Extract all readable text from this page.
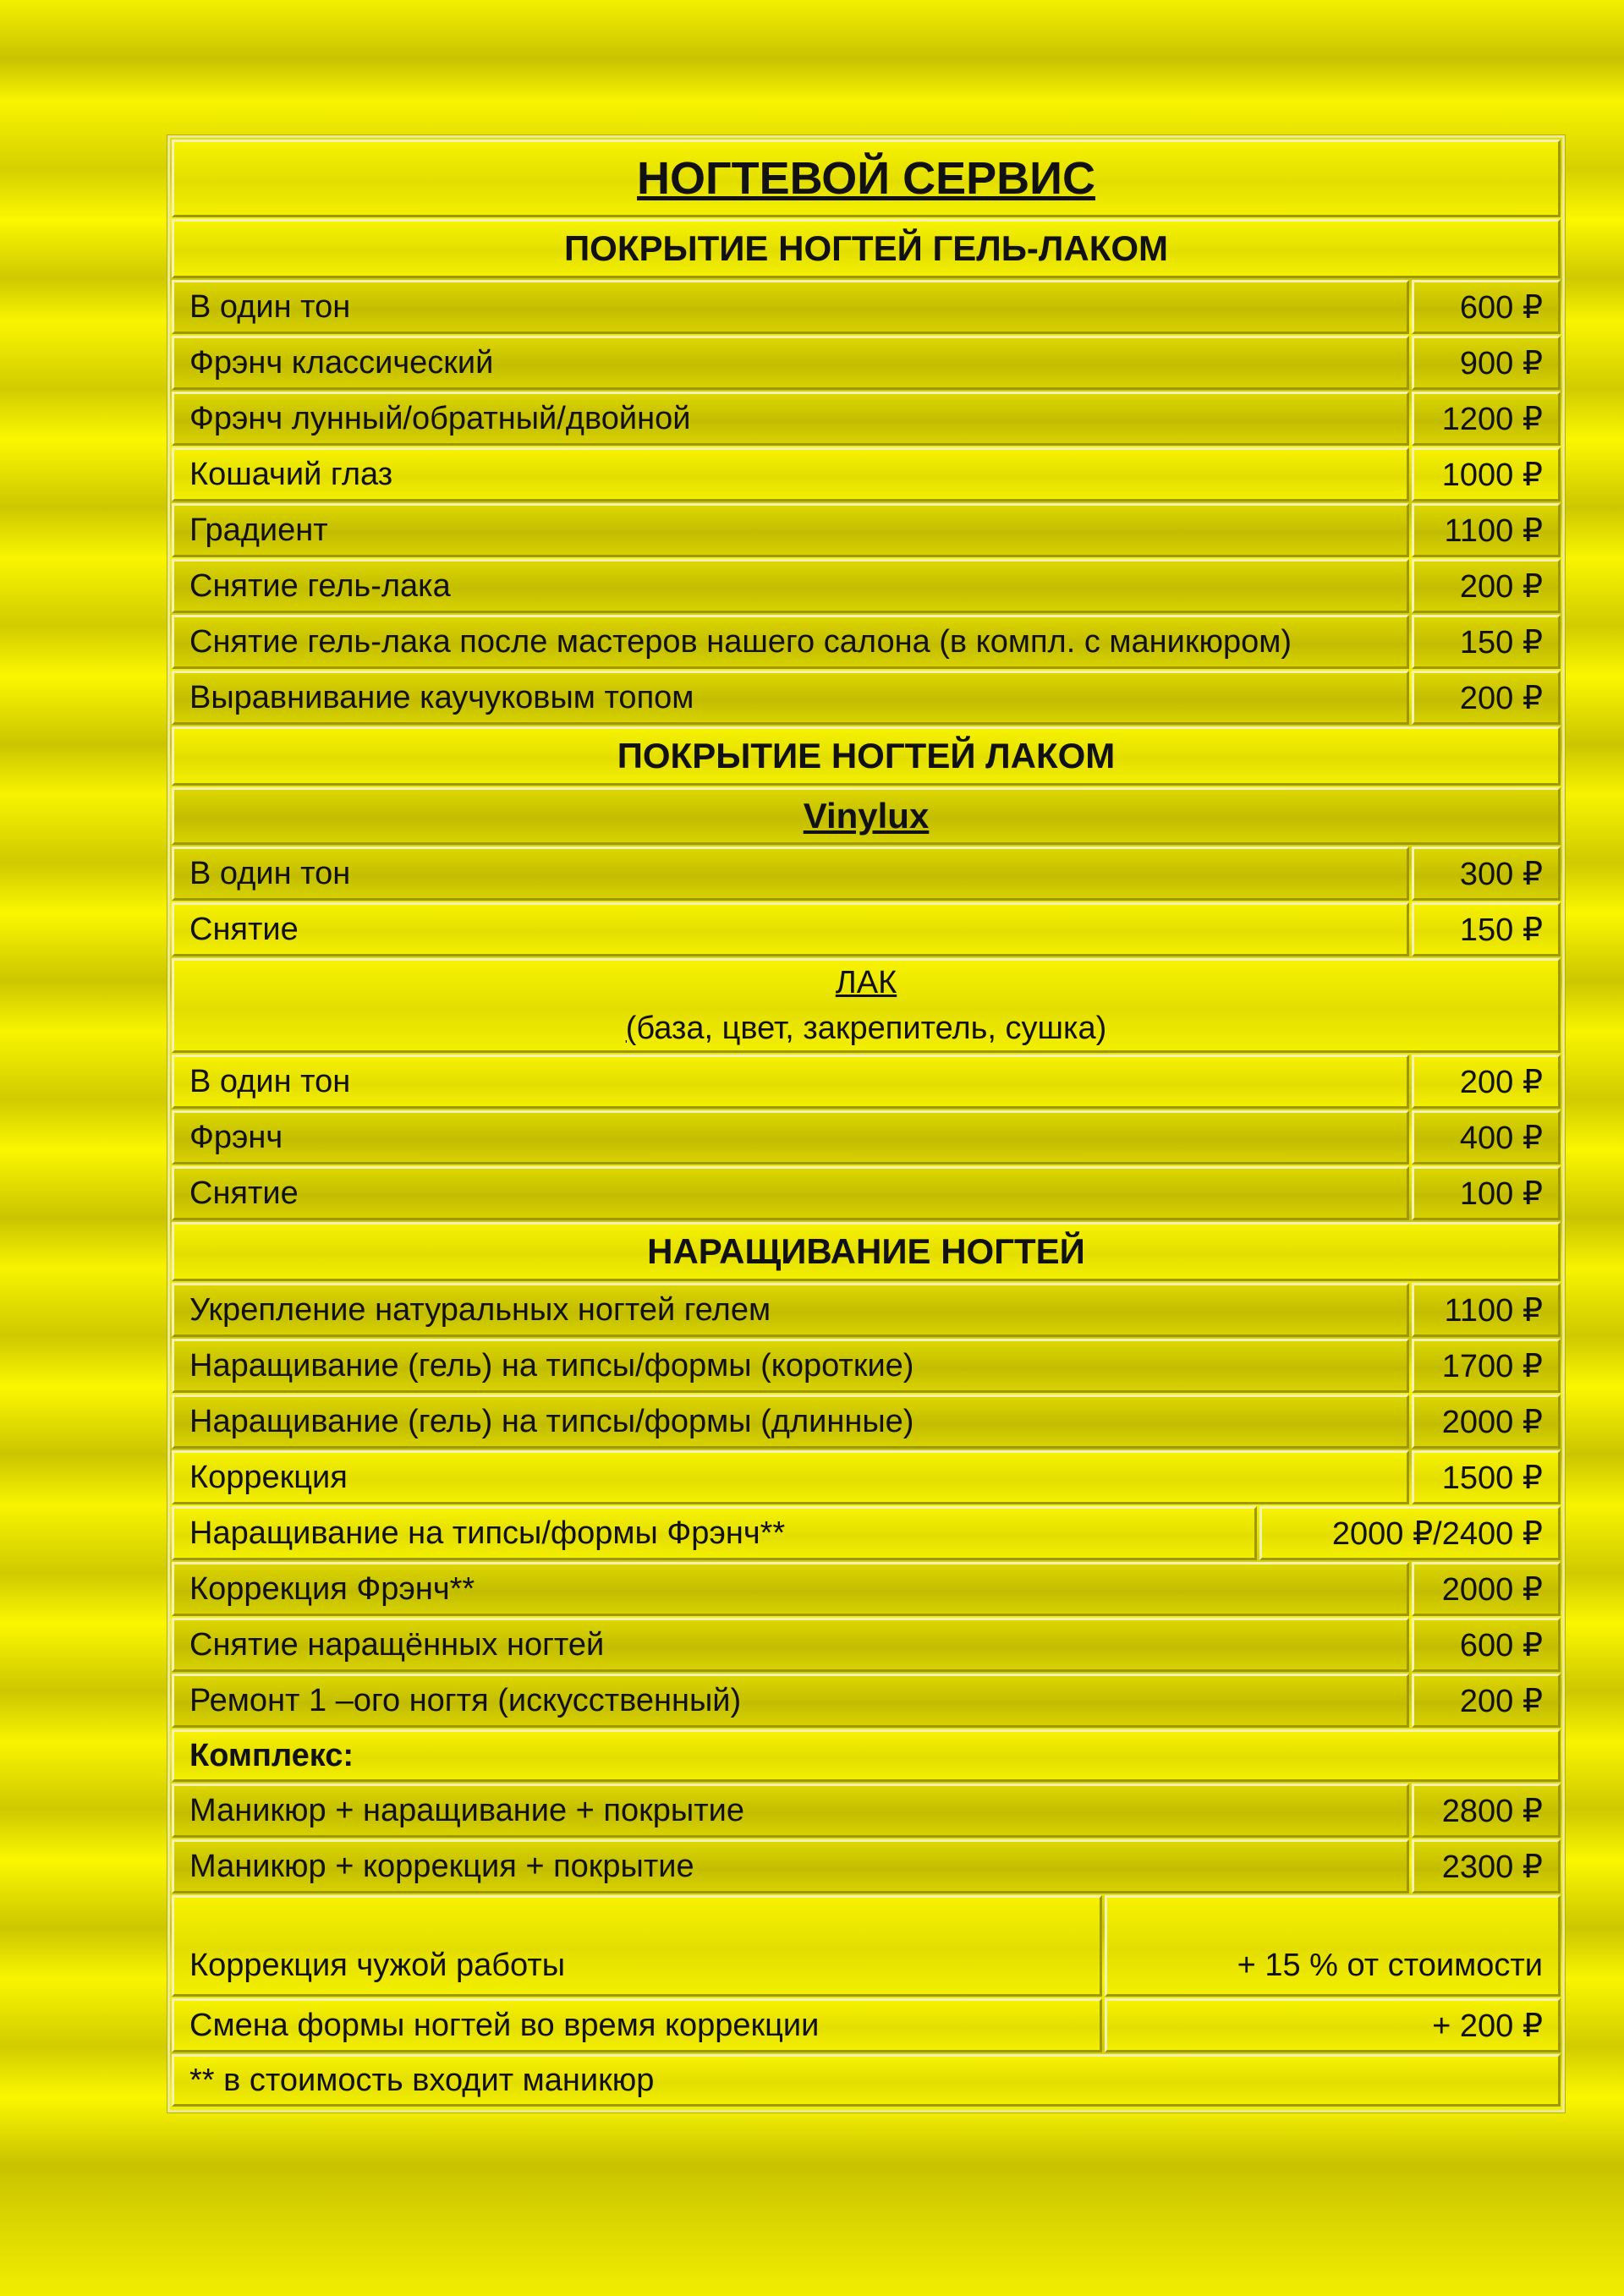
НОГТЕВОЙ СЕРВИС
ПОКРЫТИЕ НОГТЕЙ ГЕЛЬ-ЛАКОМ
В один тон	600 ₽
Фрэнч классический	900 ₽
Фрэнч лунный/обратный/двойной	1200 ₽
Кошачий глаз	1000 ₽
Градиент	1100 ₽
Снятие гель-лака	200 ₽
Снятие гель-лака после мастеров нашего салона (в компл. с маникюром)	150 ₽
Выравнивание каучуковым топом	200 ₽
ПОКРЫТИЕ НОГТЕЙ ЛАКОМ
Vinylux
В один тон	300 ₽
Снятие	150 ₽
ЛАК
(база, цвет, закрепитель, сушка)
В один тон	200 ₽
Фрэнч	400 ₽
Снятие	100 ₽
НАРАЩИВАНИЕ НОГТЕЙ
Укрепление натуральных ногтей гелем	1100 ₽
Наращивание (гель) на типсы/формы (короткие)	1700 ₽
Наращивание (гель) на типсы/формы (длинные)	2000 ₽
Коррекция	1500 ₽
Наращивание на типсы/формы Фрэнч**	2000 ₽/2400 ₽
Коррекция Фрэнч**	2000 ₽
Снятие наращённых ногтей	600 ₽
Ремонт 1 –ого ногтя (искусственный)	200 ₽
Комплекс:
Маникюр + наращивание + покрытие	2800 ₽
Маникюр + коррекция + покрытие	2300 ₽
Коррекция чужой работы	+ 15 % от стоимости
Смена формы ногтей во время коррекции	+ 200 ₽
** в стоимость входит маникюр
